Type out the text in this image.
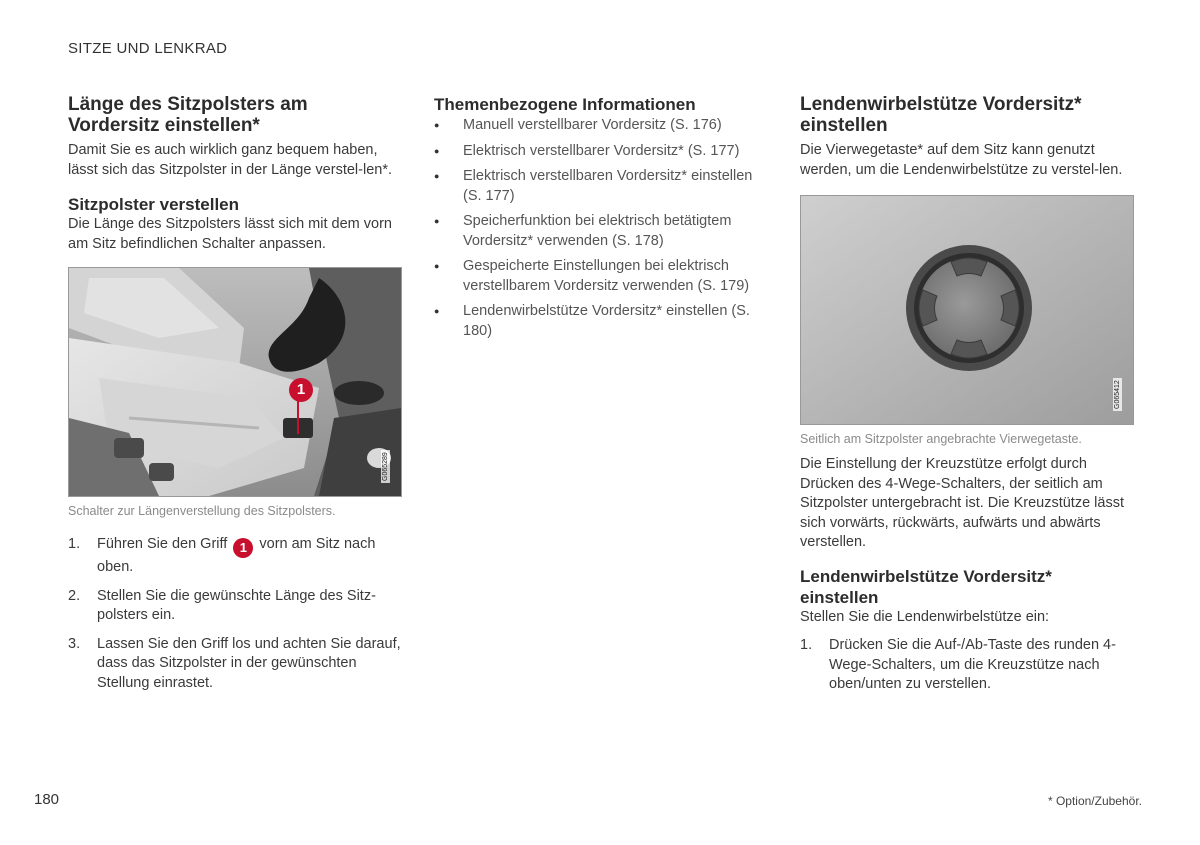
SITZE UND LENKRAD
Länge des Sitzpolsters am Vordersitz einstellen*

Damit Sie es auch wirklich ganz bequem haben, lässt sich das Sitzpolster in der Länge verstel-len*.

Sitzpolster verstellen

Die Länge des Sitzpolsters lässt sich mit dem vorn am Sitz befindlichen Schalter anpassen.

1
G065289

Schalter zur Längenverstellung des Sitzpolsters.

1. Führen Sie den Griff 1 vorn am Sitz nach oben.
2. Stellen Sie die gewünschte Länge des Sitz-polsters ein.
3. Lassen Sie den Griff los und achten Sie darauf, dass das Sitzpolster in der gewünschten Stellung einrastet.
Themenbezogene Informationen
● Manuell verstellbarer Vordersitz (S. 176)
● Elektrisch verstellbarer Vordersitz* (S. 177)
● Elektrisch verstellbaren Vordersitz* einstellen (S. 177)
● Speicherfunktion bei elektrisch betätigtem Vordersitz* verwenden (S. 178)
● Gespeicherte Einstellungen bei elektrisch verstellbarem Vordersitz verwenden (S. 179)
● Lendenwirbelstütze Vordersitz* einstellen (S. 180)
Lendenwirbelstütze Vordersitz* einstellen

Die Vierwegetaste* auf dem Sitz kann genutzt werden, um die Lendenwirbelstütze zu verstel-len.

G065412

Seitlich am Sitzpolster angebrachte Vierwegetaste.

Die Einstellung der Kreuzstütze erfolgt durch Drücken des 4-Wege-Schalters, der seitlich am Sitzpolster untergebracht ist. Die Kreuzstütze lässt sich vorwärts, rückwärts, aufwärts und abwärts verstellen.

Lendenwirbelstütze Vordersitz* einstellen

Stellen Sie die Lendenwirbelstütze ein:

1. Drücken Sie die Auf-/Ab-Taste des runden 4-Wege-Schalters, um die Kreuzstütze nach oben/unten zu verstellen.
180	* Option/Zubehör.
